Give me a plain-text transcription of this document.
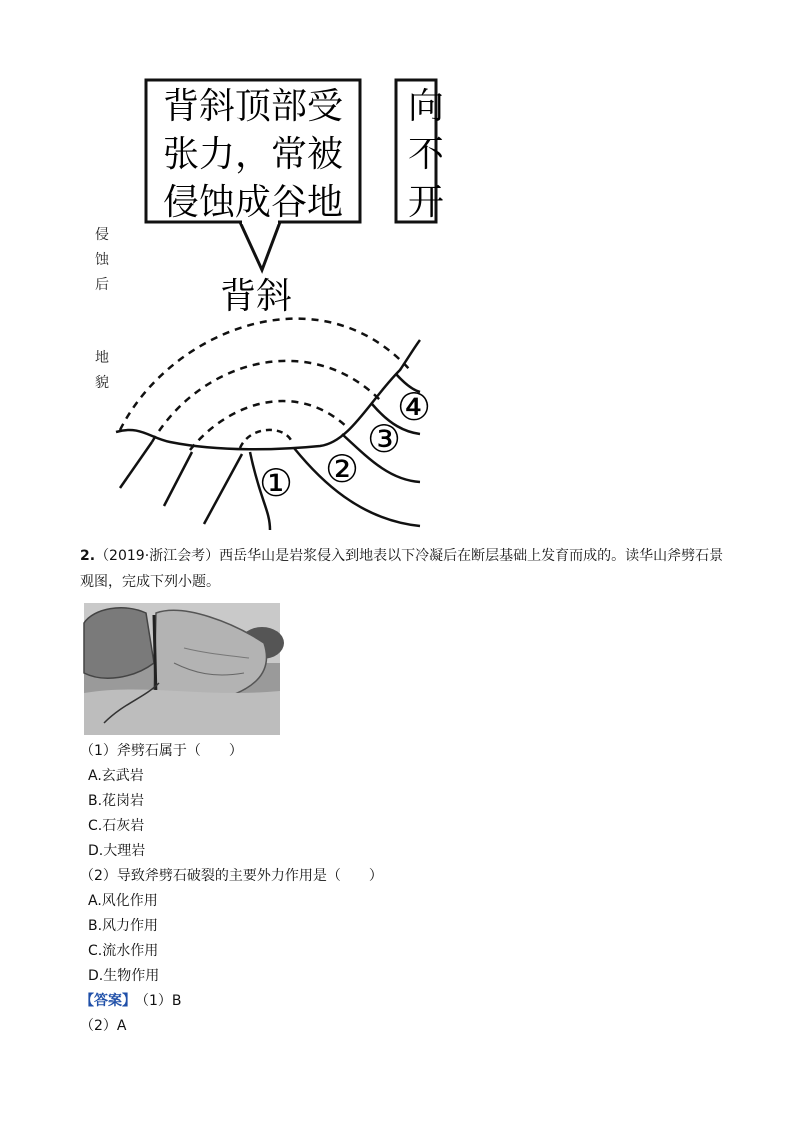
背斜顶部受
张力，常被
侵蚀成谷地
向
不
开
背斜
① ②
③
④
侵
蚀
后
地
貌
2.（2019·浙江会考）西岳华山是岩浆侵入到地表以下冷凝后在断层基础上发育而成的。读华山斧劈石景观图，完成下列小题。
（1）斧劈石属于（　　）
A.玄武岩
B.花岗岩
C.石灰岩
D.大理岩
（2）导致斧劈石破裂的主要外力作用是（　　）
A.风化作用
B.风力作用
C.流水作用
D.生物作用
【答案】 （1）B
（2）A
